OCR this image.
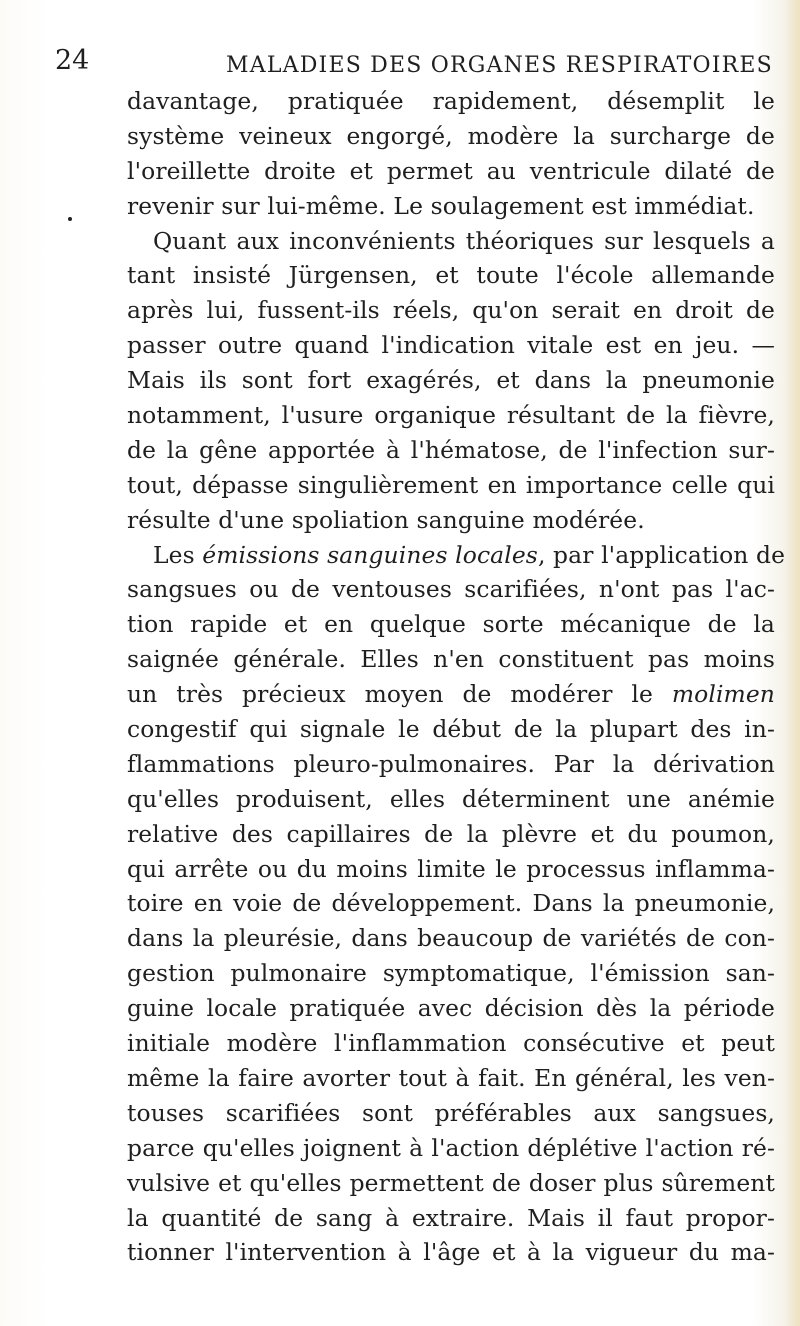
24	MALADIES DES ORGANES RESPIRATOIRES
davantage, pratiquée rapidement, désemplit le
système veineux engorgé, modère la surcharge de
l'oreillette droite et permet au ventricule dilaté de
revenir sur lui-même. Le soulagement est immédiat.
Quant aux inconvénients théoriques sur lesquels a
tant insisté Jürgensen, et toute l'école allemande
après lui, fussent-ils réels, qu'on serait en droit de
passer outre quand l'indication vitale est en jeu. —
Mais ils sont fort exagérés, et dans la pneumonie
notamment, l'usure organique résultant de la fièvre,
de la gêne apportée à l'hématose, de l'infection sur-
tout, dépasse singulièrement en importance celle qui
résulte d'une spoliation sanguine modérée.
Les émissions sanguines locales, par l'application de
sangsues ou de ventouses scarifiées, n'ont pas l'ac-
tion rapide et en quelque sorte mécanique de la
saignée générale. Elles n'en constituent pas moins
un très précieux moyen de modérer le molimen
congestif qui signale le début de la plupart des in-
flammations pleuro-pulmonaires. Par la dérivation
qu'elles produisent, elles déterminent une anémie
relative des capillaires de la plèvre et du poumon,
qui arrête ou du moins limite le processus inflamma-
toire en voie de développement. Dans la pneumonie,
dans la pleurésie, dans beaucoup de variétés de con-
gestion pulmonaire symptomatique, l'émission san-
guine locale pratiquée avec décision dès la période
initiale modère l'inflammation consécutive et peut
même la faire avorter tout à fait. En général, les ven-
touses scarifiées sont préférables aux sangsues,
parce qu'elles joignent à l'action déplétive l'action ré-
vulsive et qu'elles permettent de doser plus sûrement
la quantité de sang à extraire. Mais il faut propor-
tionner l'intervention à l'âge et à la vigueur du ma-
